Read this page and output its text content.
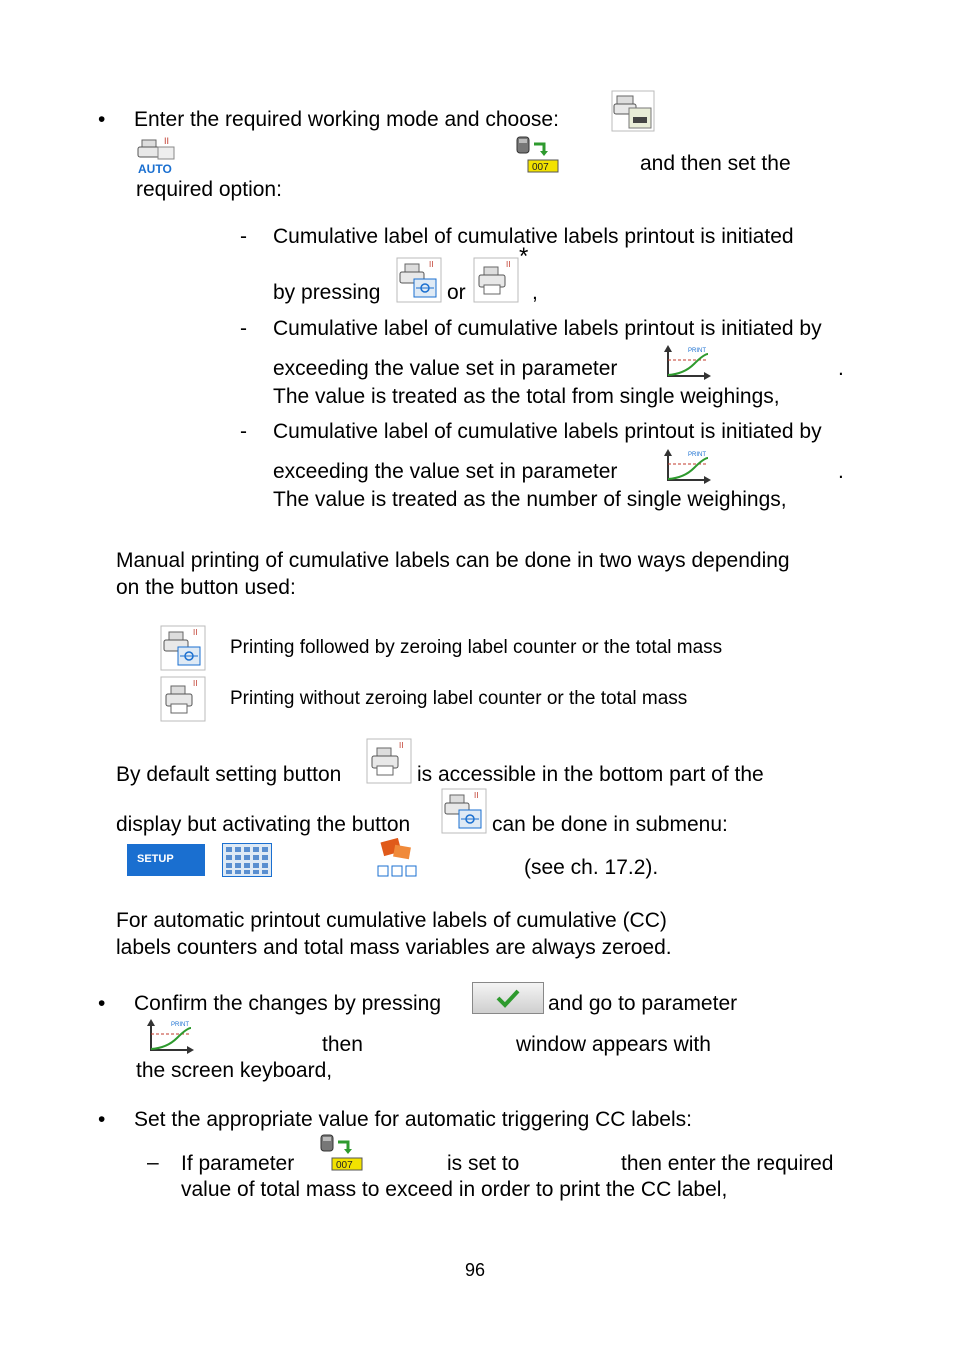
• Enter the required working mode and choose:
II
AUTO	007	and then set the
required option:
- Cumulative label of cumulative labels printout is initiated
by pressing
II
or
II *
,
- Cumulative label of cumulative labels printout is initiated by
exceeding the value set in parameter
PRINT
.
The value is treated as the total from single weighings,
- Cumulative label of cumulative labels printout is initiated by
exceeding the value set in parameter
PRINT
.
The value is treated as the number of single weighings,
Manual printing of cumulative labels can be done in two ways depending
on the button used:
II
Printing followed by zeroing label counter or the total mass
II
Printing without zeroing label counter or the total mass
By default setting button
II
is accessible in the bottom part of the
display but activating the button
II
can be done in submenu:
SETUP	(see ch. 17.2).
For automatic printout cumulative labels of cumulative (CC)
labels counters and total mass variables are always zeroed.
• Confirm the changes by pressing	and go to parameter
PRINT
then	window appears with
the screen keyboard,
• Set the appropriate value for automatic triggering CC labels:
– If parameter	007	is set to	then enter the required
value of total mass to exceed in order to print the CC label,
96
